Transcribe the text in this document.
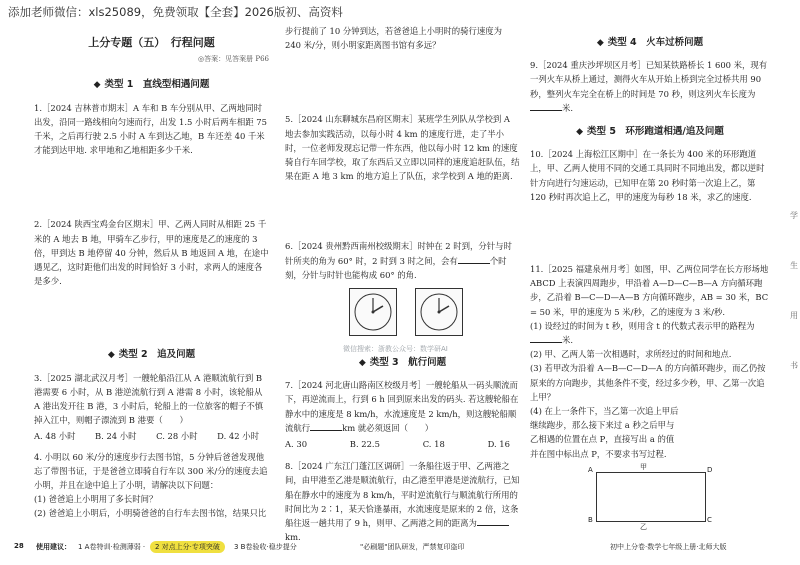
添加老师微信：xls25089，免费领取【全套】2026版初、高资料
上分专题（五）　行程问题
◎答案：见答案册 P66
◆ 类型 1　直线型相遇问题
1.［2024 吉林普市期末］A 车和 B 车分别从甲、乙两地同时出发，沿同一路线相向匀速而行，出发 1.5 小时后两车相距 75 千米，之后再行驶 2.5 小时 A 车到达乙地，B 车还差 40 千米才能到达甲地. 求甲地和乙地相距多少千米.
2.［2024 陕西宝鸡金台区期末］甲、乙两人同时从相距 25 千米的 A 地去 B 地，甲骑车乙步行，甲的速度是乙的速度的 3 倍，甲到达 B 地停留 40 分钟，然后从 B 地返回 A 地，在途中遇见乙，这时距他们出发的时间恰好 3 小时，求两人的速度各是多少.
◆ 类型 2　追及问题
3.［2025 湖北武汉月考］一艘轮船沿江从 A 港顺流航行到 B 港需要 6 小时，从 B 港逆流航行到 A 港需 8 小时，该轮船从 A 港出发开往 B 港，3 小时后，轮船上的一位旅客的帽子不慎掉入江中，则帽子漂流到 B 港要（　　）
A. 48 小时 B. 24 小时 C. 28 小时 D. 42 小时
4. 小明以 60 米/分的速度步行去图书馆，5 分钟后爸爸发现他忘了带图书证，于是爸爸立即骑自行车以 300 米/分的速度去追小明，并且在途中追上了小明，请解决以下问题：
(1) 爸爸追上小明用了多长时间？
(2) 爸爸追上小明后，小明骑爸爸的自行车去图书馆，结果只比
步行提前了 10 分钟到达，若爸爸追上小明时的骑行速度为 240 米/分，则小明家距离图书馆有多远？
5.［2024 山东聊城东昌府区期末］某班学生列队从学校到 A 地去参加实践活动，以每小时 4 km 的速度行进，走了半小时，一位老师发现忘记带一件东西，他以每小时 12 km 的速度骑自行车回学校，取了东西后又立即以同样的速度追赶队伍，结果在距 A 地 3 km 的地方追上了队伍，求学校到 A 地的距离.
6.［2024 贵州黔西南州校级期末］时钟在 2 时到，分针与时针所夹的角为 60° 时，2 时到 3 时之间，会有	个时刻，分针与时针也能构成 60° 的角.
◆ 类型 3　航行问题
7.［2024 河北唐山路南区校级月考］一艘轮船从一码头顺流而下，再逆流而上，行到 6 h 回到原来出发的码头. 若这艘轮船在静水中的速度是 8 km/h，水流速度是 2 km/h，则这艘轮船顺流航行	km 就必须返回（　　）
A. 30	B. 22.5	C. 18	D. 16
8.［2024 广东江门蓬江区调研］一条船往返于甲、乙两港之间，由甲港至乙港是顺流航行，由乙港至甲港是逆流航行，已知船在静水中的速度为 8 km/h，平时逆流航行与顺流航行所用的时间比为 2∶1，某天恰逢暴雨，水流速度是原来的 2 倍，这条船往返一趟共用了 9 h，则甲、乙两港之间的距离为km.
微信搜索：浙教公众号：数学研AI
◆ 类型 4　火车过桥问题
9.［2024 重庆沙坪坝区月考］已知某铁路桥长 1 600 米，现有一列火车从桥上通过，测得火车从开始上桥到完全过桥共用 90 秒，整列火车完全在桥上的时间是 70 秒，则这列火车长度为米.
◆ 类型 5　环形跑道相遇/追及问题
10.［2024 上海松江区期中］在一条长为 400 米的环形跑道上，甲、乙两人使用不同的交通工具同时不同地出发，都以逆时针方向进行匀速运动，已知甲在第 20 秒时第一次追上乙，第 120 秒时再次追上乙，甲的速度为每秒 18 米，求乙的速度.
11.［2025 福建泉州月考］如图，甲、乙两位同学在长方形场地 ABCD 上表演四周跑步，甲沿着 A—D—C—B—A 方向循环跑步，乙沿着 B—C—D—A—B 方向循环跑步，AB = 30 米，BC = 50 米，甲的速度为 5 米/秒，乙的速度为 3 米/秒.
(1) 设经过的时间为 t 秒，则用含 t 的代数式表示甲的路程为米.
(2) 甲、乙两人第一次相遇时，求所经过的时间和地点.
(3) 若甲改为沿着 A—B—C—D—A 的方向循环跑步，而乙仍按原来的方向跑步，其他条件不变，经过多少秒，甲、乙第一次追上甲？
(4) 在上一条件下，当乙第一次追上甲后继续跑步，那么接下来过 a 秒之后甲与乙相遇的位置在点 P，直接写出 a 的值并在图中标出点 P，不要求书写过程.
A	D
B	C
甲
乙
学
生
用
书
28 使用建议： 1 A卷特训·检测薄弱 ·	2 对点上分·专项突破	3 B卷验收·稳步提分	"必刷题"团队研发，严禁复印盗印	初中上分卷·数学七年级上册·北师大版
